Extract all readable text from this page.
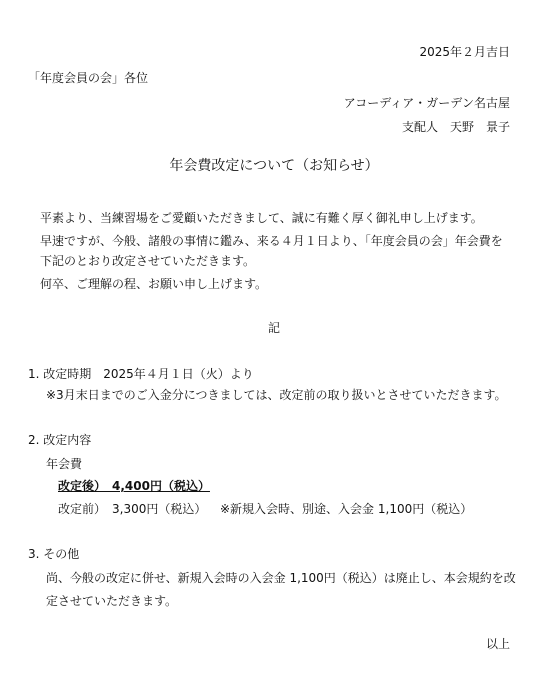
2025年２月吉日
「年度会員の会」各位
アコーディア・ガーデン名古屋
支配人　天野　景子
年会費改定について（お知らせ）
平素より、当練習場をご愛顧いただきまして、誠に有難く厚く御礼申し上げます。
早速ですが、今般、諸般の事情に鑑み、来る４月１日より、「年度会員の会」年会費を
下記のとおり改定させていただきます。
何卒、ご理解の程、お願い申し上げます。
記
1. 改定時期　2025年４月１日（火）より
※3月末日までのご入金分につきましては、改定前の取り扱いとさせていただきます。
2. 改定内容
年会費
改定後）　4,400円（税込）
改定前）　3,300円（税込） ※新規入会時、別途、入会金 1,100円（税込）
3. その他
尚、今般の改定に併せ、新規入会時の入会金 1,100円（税込）は廃止し、本会規約を改
定させていただきます。
以上
